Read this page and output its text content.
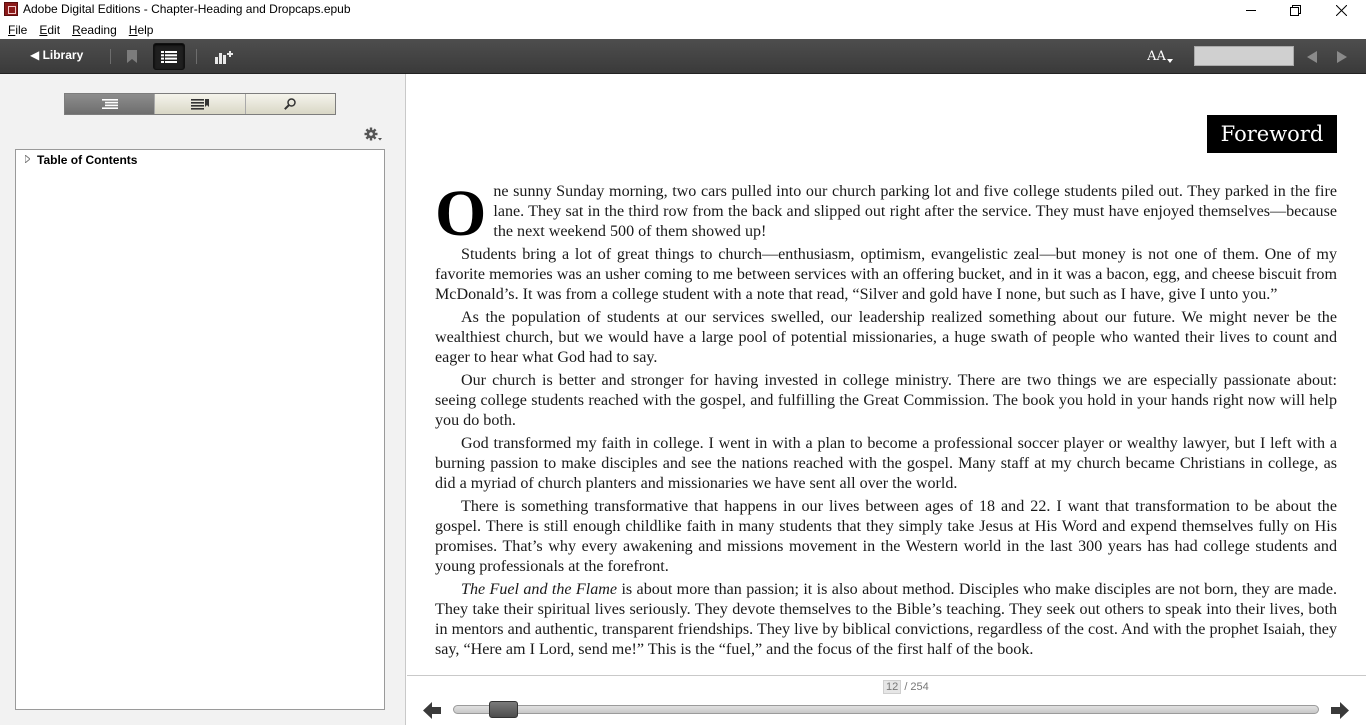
Adobe Digital Editions - Chapter-Heading and Dropcaps.epub
File Edit Reading Help
◀ Library	AA
Table of Contents
Foreword

One sunny Sunday morning, two cars pulled into our church parking lot and five college students piled out. They parked in the fire lane. They sat in the third row from the back and slipped out right after the service. They must have enjoyed themselves—because the next weekend 500 of them showed up!

Students bring a lot of great things to church—enthusiasm, optimism, evangelistic zeal—but money is not one of them. One of my favorite memories was an usher coming to me between services with an offering bucket, and in it was a bacon, egg, and cheese biscuit from McDonald’s. It was from a college student with a note that read, “Silver and gold have I none, but such as I have, give I unto you.”

As the population of students at our services swelled, our leadership realized something about our future. We might never be the wealthiest church, but we would have a large pool of potential missionaries, a huge swath of people who wanted their lives to count and eager to hear what God had to say.

Our church is better and stronger for having invested in college ministry. There are two things we are especially passionate about: seeing college students reached with the gospel, and fulfilling the Great Commission. The book you hold in your hands right now will help you do both.

God transformed my faith in college. I went in with a plan to become a professional soccer player or wealthy lawyer, but I left with a burning passion to make disciples and see the nations reached with the gospel. Many staff at my church became Christians in college, as did a myriad of church planters and missionaries we have sent all over the world.

There is something transformative that happens in our lives between ages of 18 and 22. I want that transformation to be about the gospel. There is still enough childlike faith in many students that they simply take Jesus at His Word and expend themselves fully on His promises. That’s why every awakening and missions movement in the Western world in the last 300 years has had college students and young professionals at the forefront.

The Fuel and the Flame is about more than passion; it is also about method. Disciples who make disciples are not born, they are made. They take their spiritual lives seriously. They devote themselves to the Bible’s teaching. They seek out others to speak into their lives, both in mentors and authentic, transparent friendships. They live by biblical convictions, regardless of the cost. And with the prophet Isaiah, they say, “Here am I Lord, send me!” This is the “fuel,” and the focus of the first half of the book.

12 / 254
